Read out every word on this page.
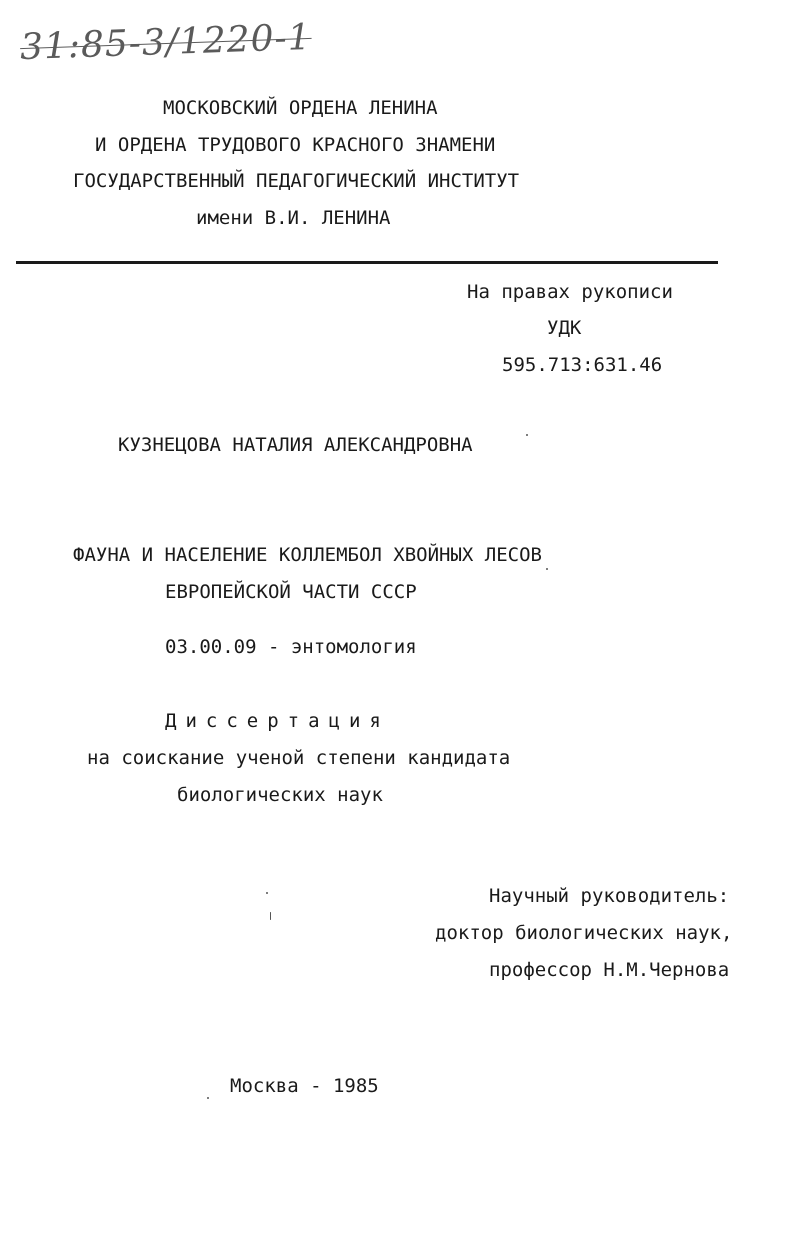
31:85-3/1220-1
МОСКОВСКИЙ ОРДЕНА ЛЕНИНА
И ОРДЕНА ТРУДОВОГО КРАСНОГО ЗНАМЕНИ
ГОСУДАРСТВЕННЫЙ ПЕДАГОГИЧЕСКИЙ ИНСТИТУТ
имени В.И. ЛЕНИНА
На правах рукописи
УДК
595.713:631.46
КУЗНЕЦОВА НАТАЛИЯ АЛЕКСАНДРОВНА
ФАУНА И НАСЕЛЕНИЕ КОЛЛЕМБОЛ ХВОЙНЫХ ЛЕСОВ
ЕВРОПЕЙСКОЙ ЧАСТИ СССР
03.00.09 - энтомология
Диссертация
на соискание ученой степени кандидата
биологических наук
Научный руководитель:
доктор биологических наук,
профессор Н.М.Чернова
Москва - 1985
